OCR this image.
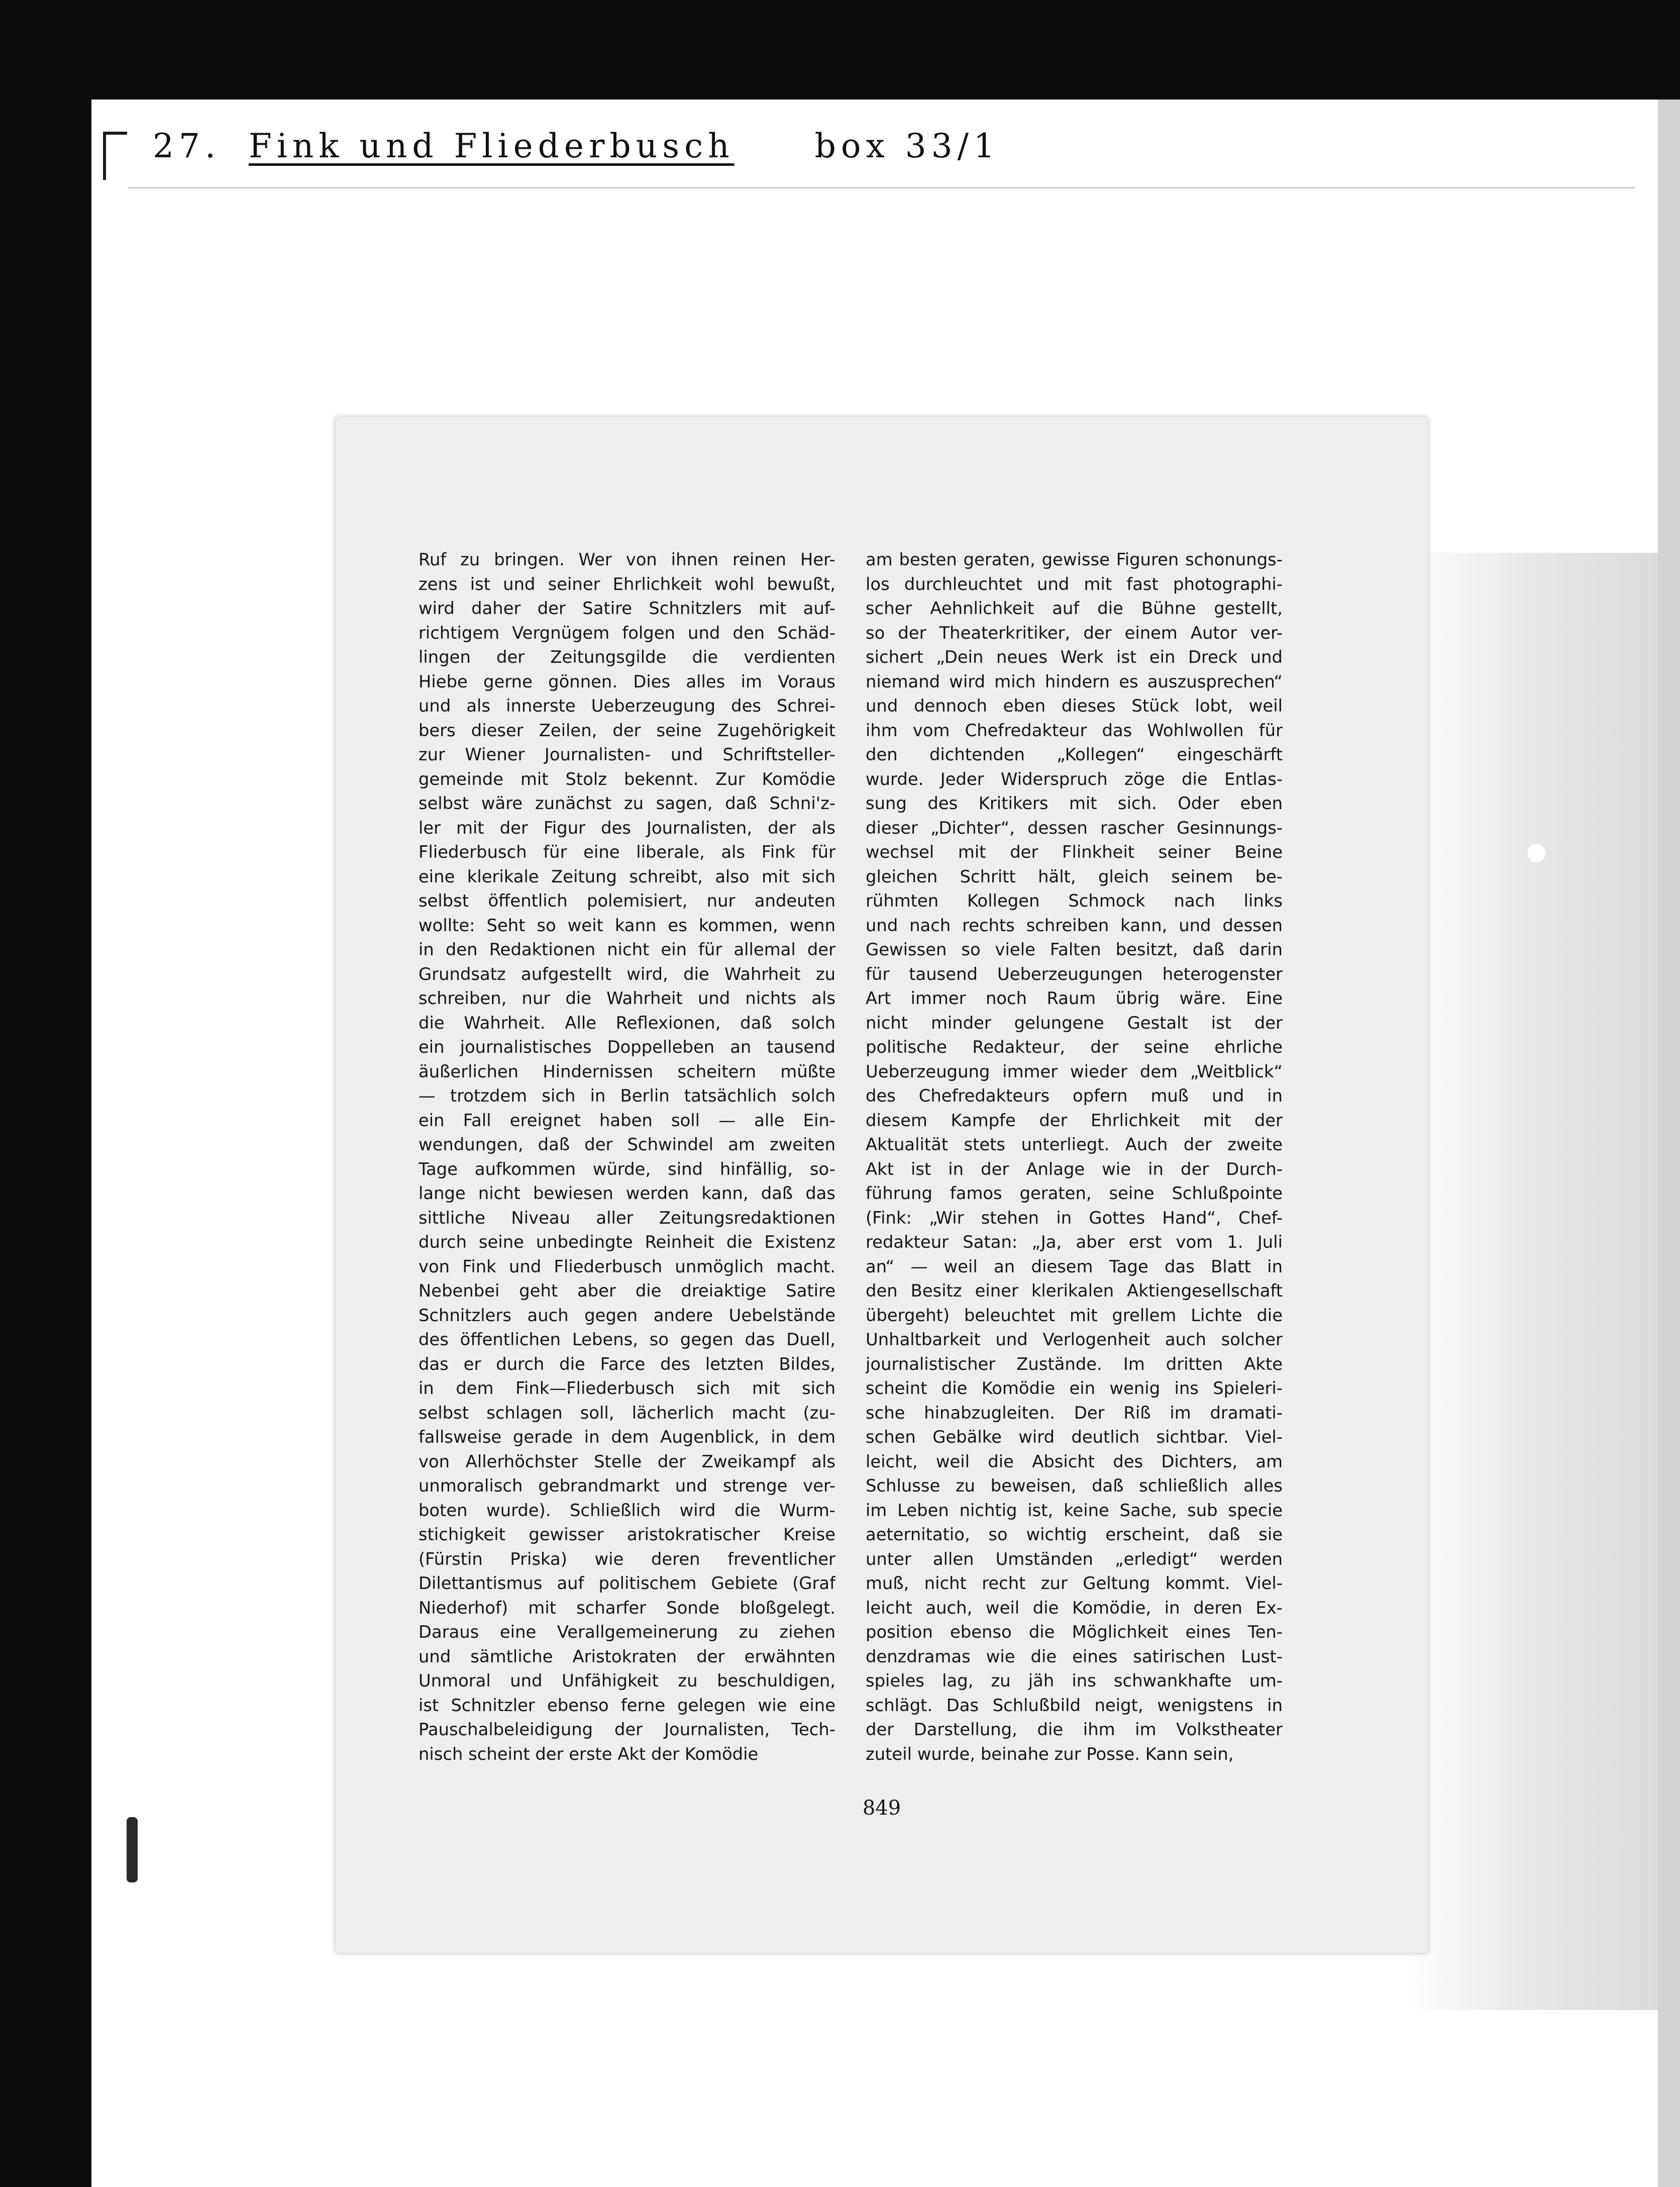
27. Fink und Fliederbusch box 33/1
Ruf zu bringen. Wer von ihnen reinen Her-
zens ist und seiner Ehrlichkeit wohl bewußt,
wird daher der Satire Schnitzlers mit auf-
richtigem Vergnügem folgen und den Schäd-
lingen der Zeitungsgilde die verdienten
Hiebe gerne gönnen. Dies alles im Voraus
und als innerste Ueberzeugung des Schrei-
bers dieser Zeilen, der seine Zugehörigkeit
zur Wiener Journalisten- und Schriftsteller-
gemeinde mit Stolz bekennt. Zur Komödie
selbst wäre zunächst zu sagen, daß Schni'z-
ler mit der Figur des Journalisten, der als
Fliederbusch für eine liberale, als Fink für
eine klerikale Zeitung schreibt, also mit sich
selbst öffentlich polemisiert, nur andeuten
wollte: Seht so weit kann es kommen, wenn
in den Redaktionen nicht ein für allemal der
Grundsatz aufgestellt wird, die Wahrheit zu
schreiben, nur die Wahrheit und nichts als
die Wahrheit. Alle Reflexionen, daß solch
ein journalistisches Doppelleben an tausend
äußerlichen Hindernissen scheitern müßte
— trotzdem sich in Berlin tatsächlich solch
ein Fall ereignet haben soll — alle Ein-
wendungen, daß der Schwindel am zweiten
Tage aufkommen würde, sind hinfällig, so-
lange nicht bewiesen werden kann, daß das
sittliche Niveau aller Zeitungsredaktionen
durch seine unbedingte Reinheit die Existenz
von Fink und Fliederbusch unmöglich macht.
Nebenbei geht aber die dreiaktige Satire
Schnitzlers auch gegen andere Uebelstände
des öffentlichen Lebens, so gegen das Duell,
das er durch die Farce des letzten Bildes,
in dem Fink—Fliederbusch sich mit sich
selbst schlagen soll, lächerlich macht (zu-
fallsweise gerade in dem Augenblick, in dem
von Allerhöchster Stelle der Zweikampf als
unmoralisch gebrandmarkt und strenge ver-
boten wurde). Schließlich wird die Wurm-
stichigkeit gewisser aristokratischer Kreise
(Fürstin Priska) wie deren freventlicher
Dilettantismus auf politischem Gebiete (Graf
Niederhof) mit scharfer Sonde bloßgelegt.
Daraus eine Verallgemeinerung zu ziehen
und sämtliche Aristokraten der erwähnten
Unmoral und Unfähigkeit zu beschuldigen,
ist Schnitzler ebenso ferne gelegen wie eine
Pauschalbeleidigung der Journalisten, Tech-
nisch scheint der erste Akt der Komödie
am besten geraten, gewisse Figuren schonungs-
los durchleuchtet und mit fast photographi-
scher Aehnlichkeit auf die Bühne gestellt,
so der Theaterkritiker, der einem Autor ver-
sichert „Dein neues Werk ist ein Dreck und
niemand wird mich hindern es auszusprechen“
und dennoch eben dieses Stück lobt, weil
ihm vom Chefredakteur das Wohlwollen für
den dichtenden „Kollegen“ eingeschärft
wurde. Jeder Widerspruch zöge die Entlas-
sung des Kritikers mit sich. Oder eben
dieser „Dichter“, dessen rascher Gesinnungs-
wechsel mit der Flinkheit seiner Beine
gleichen Schritt hält, gleich seinem be-
rühmten Kollegen Schmock nach links
und nach rechts schreiben kann, und dessen
Gewissen so viele Falten besitzt, daß darin
für tausend Ueberzeugungen heterogenster
Art immer noch Raum übrig wäre. Eine
nicht minder gelungene Gestalt ist der
politische Redakteur, der seine ehrliche
Ueberzeugung immer wieder dem „Weitblick“
des Chefredakteurs opfern muß und in
diesem Kampfe der Ehrlichkeit mit der
Aktualität stets unterliegt. Auch der zweite
Akt ist in der Anlage wie in der Durch-
führung famos geraten, seine Schlußpointe
(Fink: „Wir stehen in Gottes Hand“, Chef-
redakteur Satan: „Ja, aber erst vom 1. Juli
an“ — weil an diesem Tage das Blatt in
den Besitz einer klerikalen Aktiengesellschaft
übergeht) beleuchtet mit grellem Lichte die
Unhaltbarkeit und Verlogenheit auch solcher
journalistischer Zustände. Im dritten Akte
scheint die Komödie ein wenig ins Spieleri-
sche hinabzugleiten. Der Riß im dramati-
schen Gebälke wird deutlich sichtbar. Viel-
leicht, weil die Absicht des Dichters, am
Schlusse zu beweisen, daß schließlich alles
im Leben nichtig ist, keine Sache, sub specie
aeternitatio, so wichtig erscheint, daß sie
unter allen Umständen „erledigt“ werden
muß, nicht recht zur Geltung kommt. Viel-
leicht auch, weil die Komödie, in deren Ex-
position ebenso die Möglichkeit eines Ten-
denzdramas wie die eines satirischen Lust-
spieles lag, zu jäh ins schwankhafte um-
schlägt. Das Schlußbild neigt, wenigstens in
der Darstellung, die ihm im Volkstheater
zuteil wurde, beinahe zur Posse. Kann sein,
849
